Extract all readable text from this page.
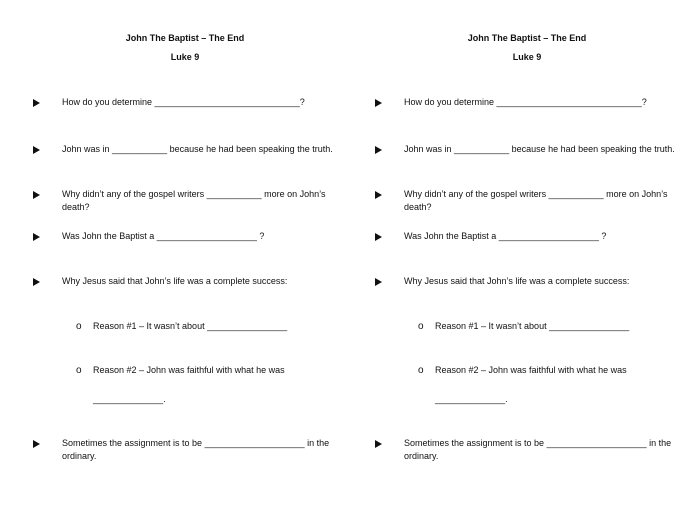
John The Baptist – The End
Luke 9
How do you determine _____________________________?
John was in ___________ because he had been speaking the truth.
Why didn’t any of the gospel writers ___________ more on John’s death?
Was John the Baptist a ____________________ ?
Why Jesus said that John’s life was a complete success:
o Reason #1 – It wasn’t about ________________
o Reason #2 – John was faithful with what he was
______________.
Sometimes the assignment is to be ____________________ in the ordinary.
John The Baptist – The End
Luke 9
How do you determine _____________________________?
John was in ___________ because he had been speaking the truth.
Why didn’t any of the gospel writers ___________ more on John’s death?
Was John the Baptist a ____________________ ?
Why Jesus said that John’s life was a complete success:
o Reason #1 – It wasn’t about ________________
o Reason #2 – John was faithful with what he was
______________.
Sometimes the assignment is to be ____________________ in the ordinary.
